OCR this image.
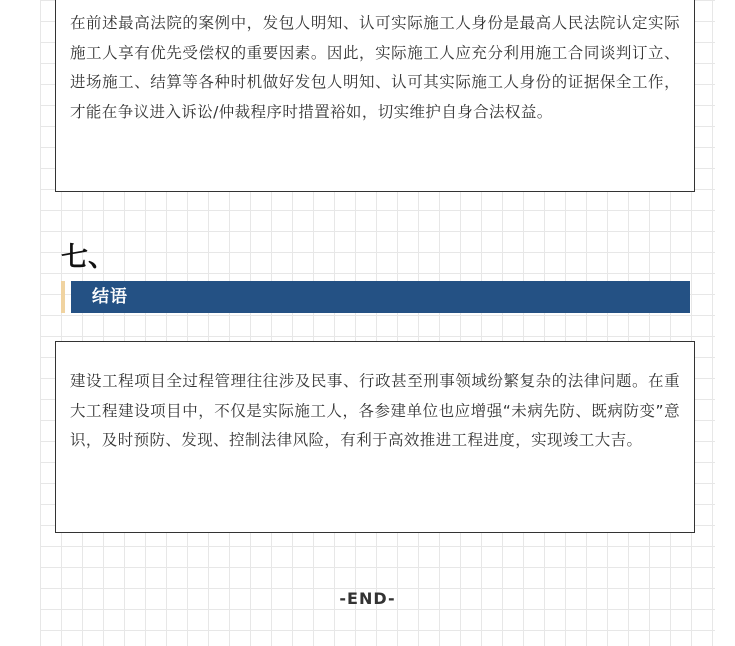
在前述最高法院的案例中，发包人明知、认可实际施工人身份是最高人民法院认定实际施工人享有优先受偿权的重要因素。因此，实际施工人应充分利用施工合同谈判订立、进场施工、结算等各种时机做好发包人明知、认可其实际施工人身份的证据保全工作，才能在争议进入诉讼/仲裁程序时措置裕如，切实维护自身合法权益。

七、
结语

建设工程项目全过程管理往往涉及民事、行政甚至刑事领域纷繁复杂的法律问题。在重大工程建设项目中，不仅是实际施工人，各参建单位也应增强“未病先防、既病防变”意识，及时预防、发现、控制法律风险，有利于高效推进工程进度，实现竣工大吉。

-END-
